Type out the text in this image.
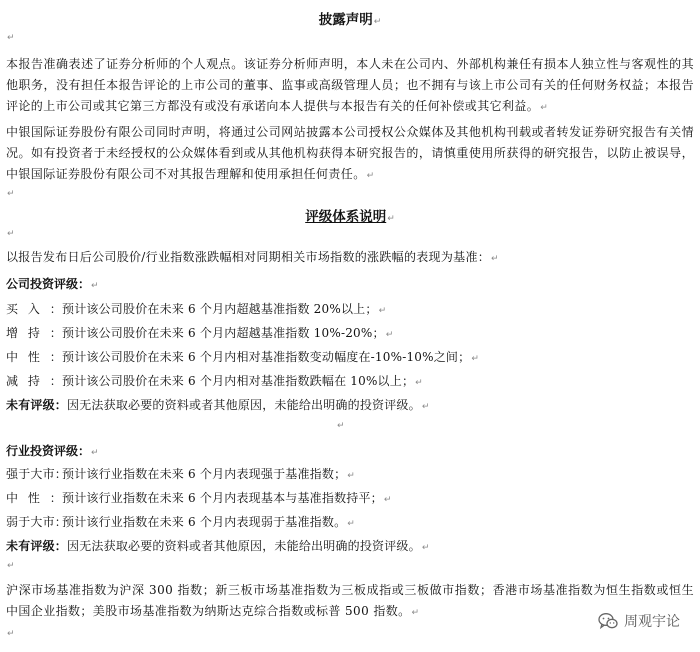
披露声明↵
↵

本报告准确表述了证券分析师的个人观点。该证券分析师声明，本人未在公司内、外部机构兼任有损本人独立性与客观性的其他职务，没有担任本报告评论的上市公司的董事、监事或高级管理人员；也不拥有与该上市公司有关的任何财务权益；本报告评论的上市公司或其它第三方都没有或没有承诺向本人提供与本报告有关的任何补偿或其它利益。↵

中银国际证券股份有限公司同时声明，将通过公司网站披露本公司授权公众媒体及其他机构刊载或者转发证券研究报告有关情况。如有投资者于未经授权的公众媒体看到或从其他机构获得本研究报告的，请慎重使用所获得的研究报告，以防止被误导，中银国际证券股份有限公司不对其报告理解和使用承担任何责任。↵

↵
评级体系说明↵
↵
以报告发布日后公司股价/行业指数涨跌幅相对同期相关市场指数的涨跌幅的表现为基准：↵
公司投资评级：↵
买入：预计该公司股价在未来 6 个月内超越基准指数 20%以上；↵
增持：预计该公司股价在未来 6 个月内超越基准指数 10%-20%；↵
中性：预计该公司股价在未来 6 个月内相对基准指数变动幅度在-10%-10%之间；↵
减持：预计该公司股价在未来 6 个月内相对基准指数跌幅在 10%以上；↵
未有评级：因无法获取必要的资料或者其他原因，未能给出明确的投资评级。↵
↵
行业投资评级：↵
强于大市：预计该行业指数在未来 6 个月内表现强于基准指数；↵
中性：预计该行业指数在未来 6 个月内表现基本与基准指数持平；↵
弱于大市：预计该行业指数在未来 6 个月内表现弱于基准指数。↵
未有评级：因无法获取必要的资料或者其他原因，未能给出明确的投资评级。↵
↵

沪深市场基准指数为沪深 300 指数；新三板市场基准指数为三板成指或三板做市指数；香港市场基准指数为恒生指数或恒生中国企业指数；美股市场基准指数为纳斯达克综合指数或标普 500 指数。↵

↵
周观宇论
